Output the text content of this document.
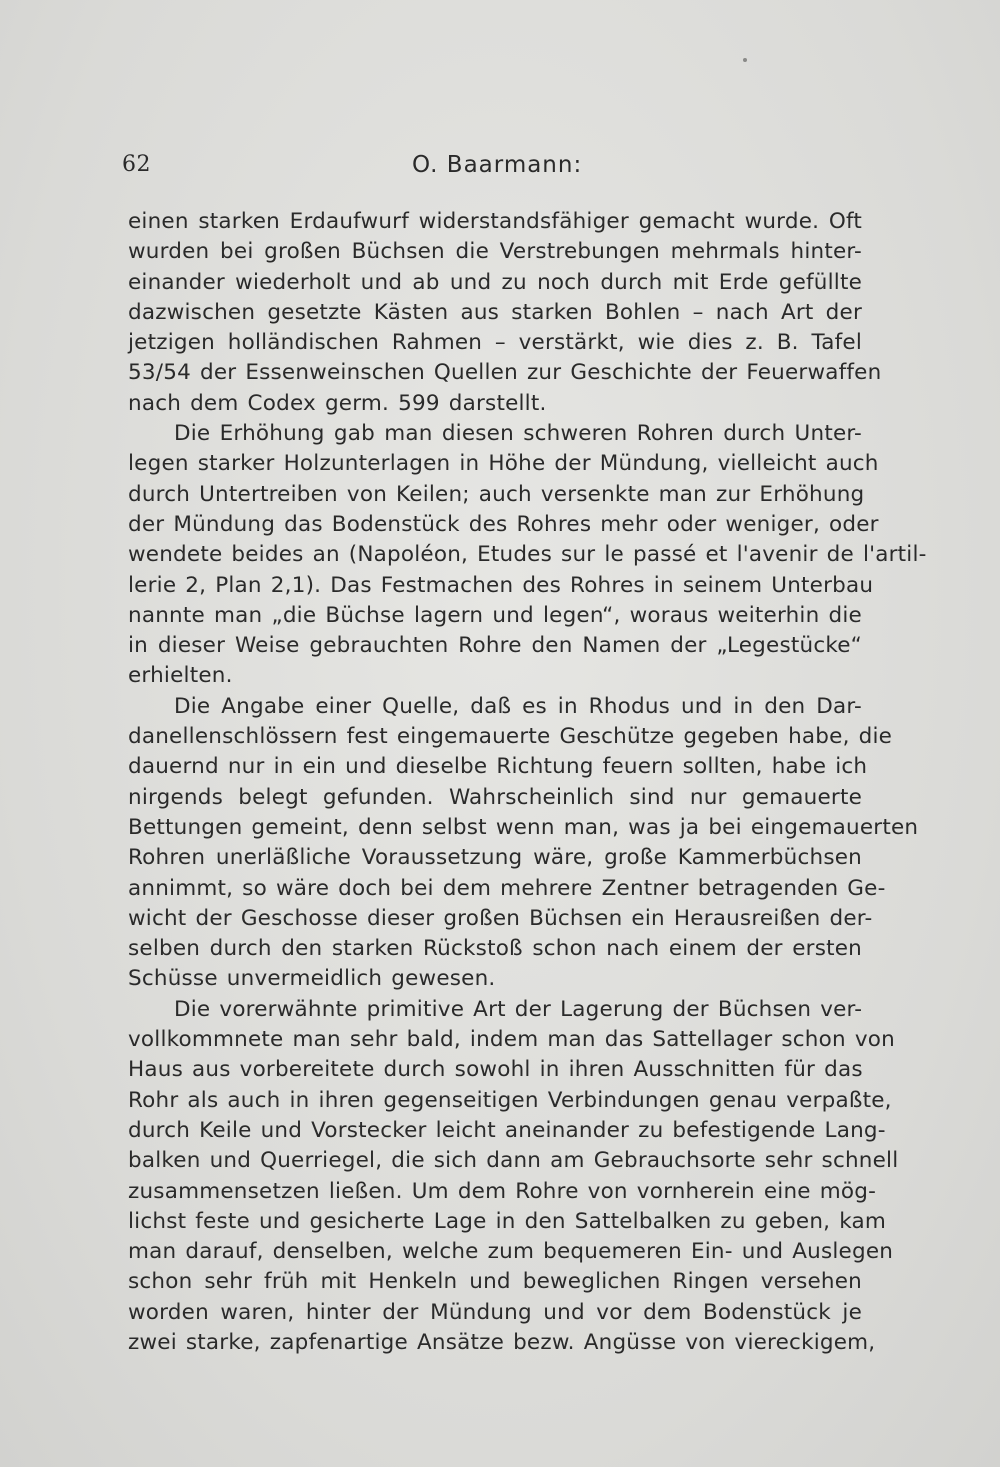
62	O. Baarmann:
einen starken Erdaufwurf widerstandsfähiger gemacht wurde. Oft
wurden bei großen Büchsen die Verstrebungen mehrmals hinter-
einander wiederholt und ab und zu noch durch mit Erde gefüllte
dazwischen gesetzte Kästen aus starken Bohlen – nach Art der
jetzigen holländischen Rahmen – verstärkt, wie dies z. B. Tafel
53/54 der Essenweinschen Quellen zur Geschichte der Feuerwaffen
nach dem Codex germ. 599 darstellt.
Die Erhöhung gab man diesen schweren Rohren durch Unter-
legen starker Holzunterlagen in Höhe der Mündung, vielleicht auch
durch Untertreiben von Keilen; auch versenkte man zur Erhöhung
der Mündung das Bodenstück des Rohres mehr oder weniger, oder
wendete beides an (Napoléon, Etudes sur le passé et l'avenir de l'artil-
lerie 2, Plan 2,1). Das Festmachen des Rohres in seinem Unterbau
nannte man „die Büchse lagern und legen“, woraus weiterhin die
in dieser Weise gebrauchten Rohre den Namen der „Legestücke“
erhielten.
Die Angabe einer Quelle, daß es in Rhodus und in den Dar-
danellenschlössern fest eingemauerte Geschütze gegeben habe, die
dauernd nur in ein und dieselbe Richtung feuern sollten, habe ich
nirgends belegt gefunden. Wahrscheinlich sind nur gemauerte
Bettungen gemeint, denn selbst wenn man, was ja bei eingemauerten
Rohren unerläßliche Voraussetzung wäre, große Kammerbüchsen
annimmt, so wäre doch bei dem mehrere Zentner betragenden Ge-
wicht der Geschosse dieser großen Büchsen ein Herausreißen der-
selben durch den starken Rückstoß schon nach einem der ersten
Schüsse unvermeidlich gewesen.
Die vorerwähnte primitive Art der Lagerung der Büchsen ver-
vollkommnete man sehr bald, indem man das Sattellager schon von
Haus aus vorbereitete durch sowohl in ihren Ausschnitten für das
Rohr als auch in ihren gegenseitigen Verbindungen genau verpaßte,
durch Keile und Vorstecker leicht aneinander zu befestigende Lang-
balken und Querriegel, die sich dann am Gebrauchsorte sehr schnell
zusammensetzen ließen. Um dem Rohre von vornherein eine mög-
lichst feste und gesicherte Lage in den Sattelbalken zu geben, kam
man darauf, denselben, welche zum bequemeren Ein- und Auslegen
schon sehr früh mit Henkeln und beweglichen Ringen versehen
worden waren, hinter der Mündung und vor dem Bodenstück je
zwei starke, zapfenartige Ansätze bezw. Angüsse von viereckigem,
